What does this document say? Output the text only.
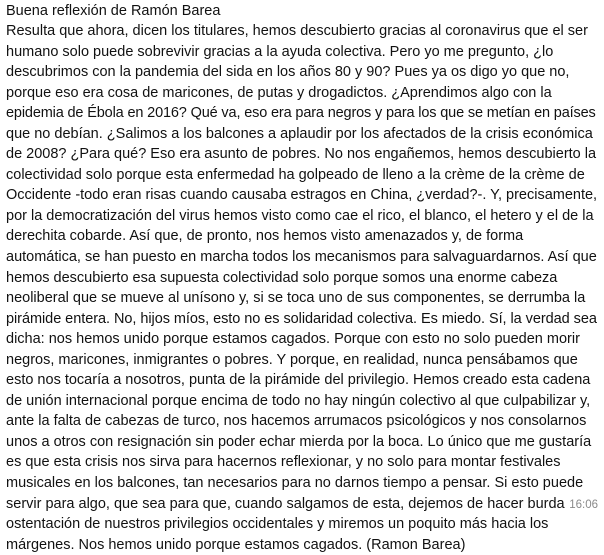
Buena reflexión de Ramón Barea

Resulta que ahora, dicen los titulares, hemos descubierto gracias al coronavirus que el ser
humano solo puede sobrevivir gracias a la ayuda colectiva. Pero yo me pregunto, ¿lo
descubrimos con la pandemia del sida en los años 80 y 90? Pues ya os digo yo que no,
porque eso era cosa de maricones, de putas y drogadictos. ¿Aprendimos algo con la
epidemia de Ébola en 2016? Qué va, eso era para negros y para los que se metían en países
que no debían. ¿Salimos a los balcones a aplaudir por los afectados de la crisis económica
de 2008? ¿Para qué? Eso era asunto de pobres. No nos engañemos, hemos descubierto la
colectividad solo porque esta enfermedad ha golpeado de lleno a la crème de la crème de
Occidente -todo eran risas cuando causaba estragos en China, ¿verdad?-. Y, precisamente,
por la democratización del virus hemos visto como cae el rico, el blanco, el hetero y el de la
derechita cobarde. Así que, de pronto, nos hemos visto amenazados y, de forma
automática, se han puesto en marcha todos los mecanismos para salvaguardarnos. Así que
hemos descubierto esa supuesta colectividad solo porque somos una enorme cabeza
neoliberal que se mueve al unísono y, si se toca uno de sus componentes, se derrumba la
pirámide entera. No, hijos míos, esto no es solidaridad colectiva. Es miedo. Sí, la verdad sea
dicha: nos hemos unido porque estamos cagados. Porque con esto no solo pueden morir
negros, maricones, inmigrantes o pobres. Y porque, en realidad, nunca pensábamos que
esto nos tocaría a nosotros, punta de la pirámide del privilegio. Hemos creado esta cadena
de unión internacional porque encima de todo no hay ningún colectivo al que culpabilizar y,
ante la falta de cabezas de turco, nos hacemos arrumacos psicológicos y nos consolarnos
unos a otros con resignación sin poder echar mierda por la boca. Lo único que me gustaría
es que esta crisis nos sirva para hacernos reflexionar, y no solo para montar festivales
musicales en los balcones, tan necesarios para no darnos tiempo a pensar. Si esto puede
servir para algo, que sea para que, cuando salgamos de esta, dejemos de hacer burda
ostentación de nuestros privilegios occidentales y miremos un poquito más hacia los
márgenes. Nos hemos unido porque estamos cagados. (Ramon Barea)
16:06
